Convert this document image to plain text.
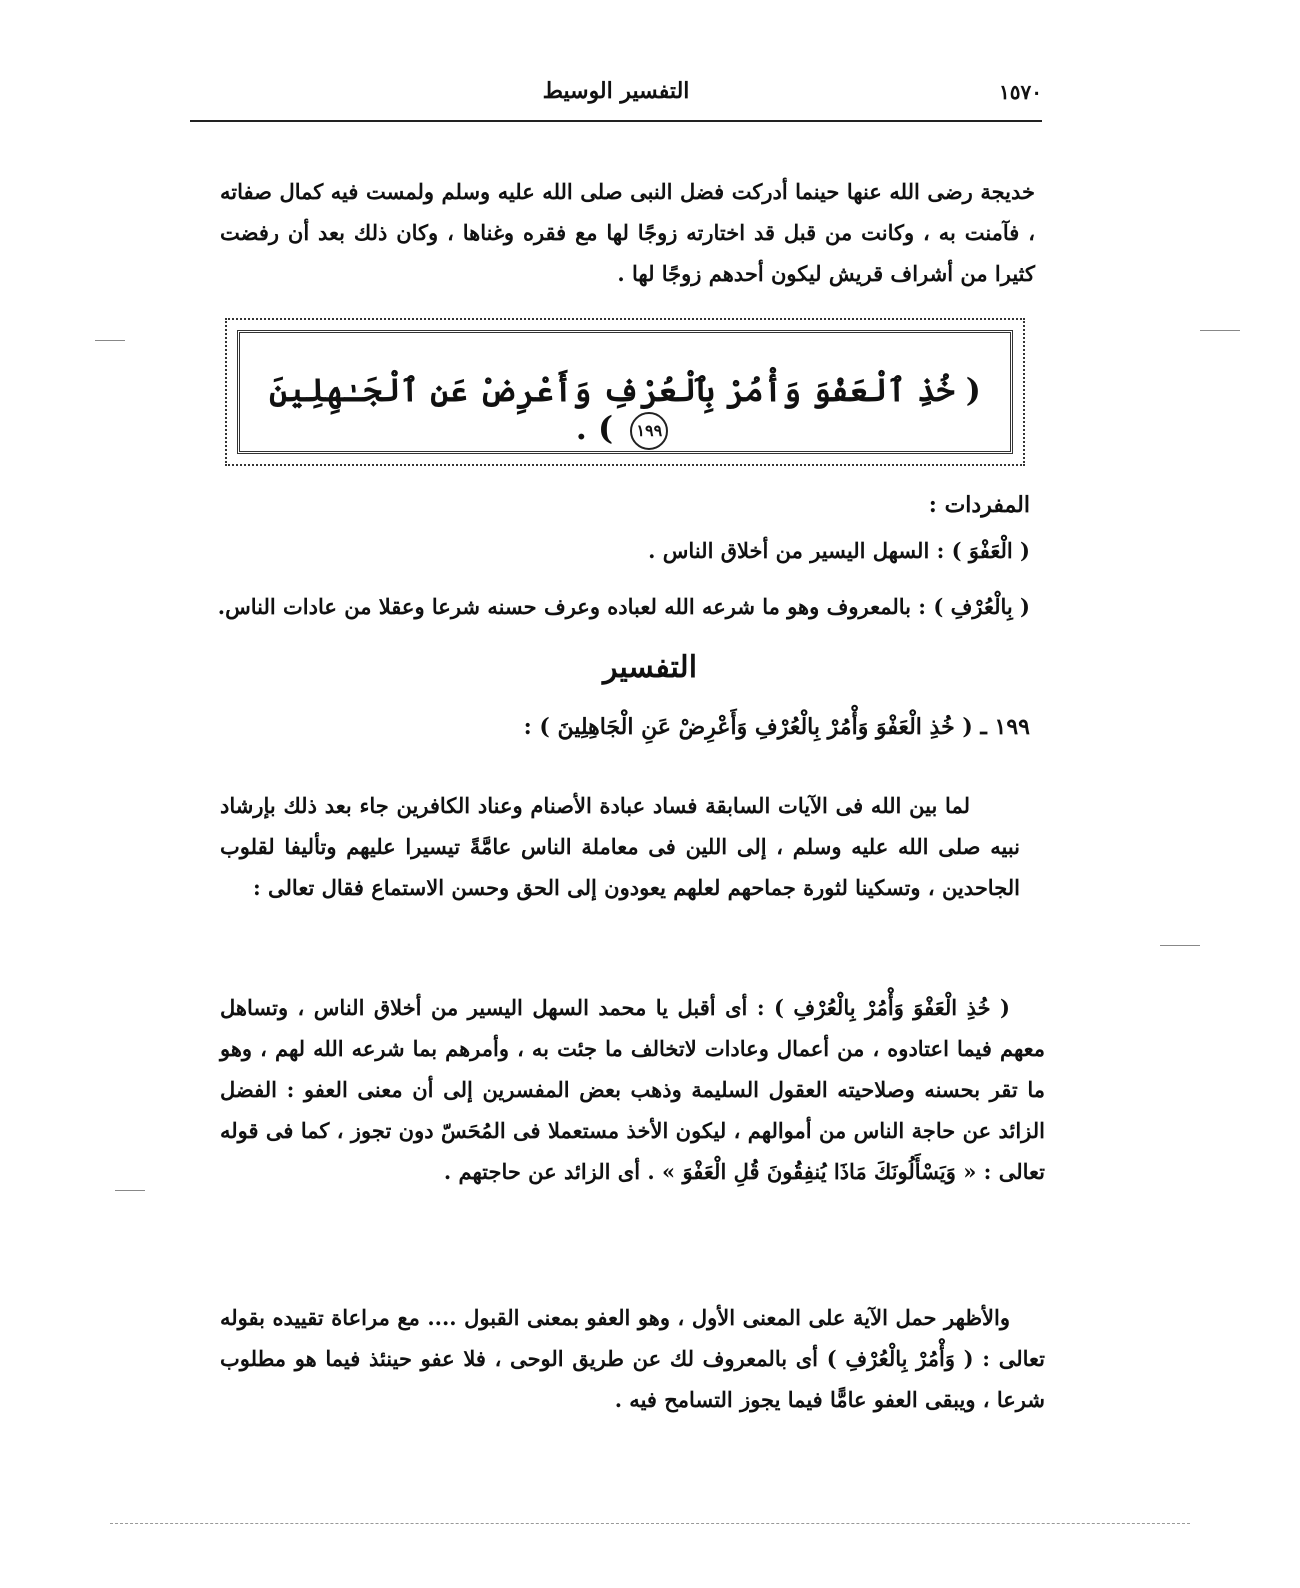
التفسير الوسيط	١٥٧٠

خديجة رضى الله عنها حينما أدركت فضل النبى صلى الله عليه وسلم ولمست فيه كمال صفاته ، فآمنت به ، وكانت من قبل قد اختارته زوجًا لها مع فقره وغناها ، وكان ذلك بعد أن رفضت كثيرا من أشراف قريش ليكون أحدهم زوجًا لها .

( خُذِ ٱلْعَفْوَ وَأْمُرْ بِٱلْعُرْفِ وَأَعْرِضْ عَنِ ٱلْجَـٰهِلِينَ ١٩٩ ) .
المفردات :
( الْعَفْوَ ) : السهل اليسير من أخلاق الناس .
( بِالْعُرْفِ ) : بالمعروف وهو ما شرعه الله لعباده وعرف حسنه شرعا وعقلا من عادات الناس.
التفسير
١٩٩ ـ ( خُذِ الْعَفْوَ وَأْمُرْ بِالْعُرْفِ وَأَعْرِضْ عَنِ الْجَاهِلِينَ ) :

لما بين الله فى الآيات السابقة فساد عبادة الأصنام وعناد الكافرين جاء بعد ذلك بإرشاد نبيه صلى الله عليه وسلم ، إلى اللين فى معاملة الناس عامَّةً تيسيرا عليهم وتأليفا لقلوب الجاحدين ، وتسكينا لثورة جماحهم لعلهم يعودون إلى الحق وحسن الاستماع فقال تعالى :

( خُذِ الْعَفْوَ وَأْمُرْ بِالْعُرْفِ ) : أى أقبل يا محمد السهل اليسير من أخلاق الناس ، وتساهل معهم فيما اعتادوه ، من أعمال وعادات لاتخالف ما جئت به ، وأمرهم بما شرعه الله لهم ، وهو ما تقر بحسنه وصلاحيته العقول السليمة وذهب بعض المفسرين إلى أن معنى العفو : الفضل الزائد عن حاجة الناس من أموالهم ، ليكون الأخذ مستعملا فى المُحَسّ دون تجوز ، كما فى قوله تعالى : « وَيَسْأَلُونَكَ مَاذَا يُنفِقُونَ قُلِ الْعَفْوَ » . أى الزائد عن حاجتهم .

والأظهر حمل الآية على المعنى الأول ، وهو العفو بمعنى القبول .... مع مراعاة تقييده بقوله تعالى : ( وَأْمُرْ بِالْعُرْفِ ) أى بالمعروف لك عن طريق الوحى ، فلا عفو حينئذ فيما هو مطلوب شرعا ، ويبقى العفو عامًّا فيما يجوز التسامح فيه .
